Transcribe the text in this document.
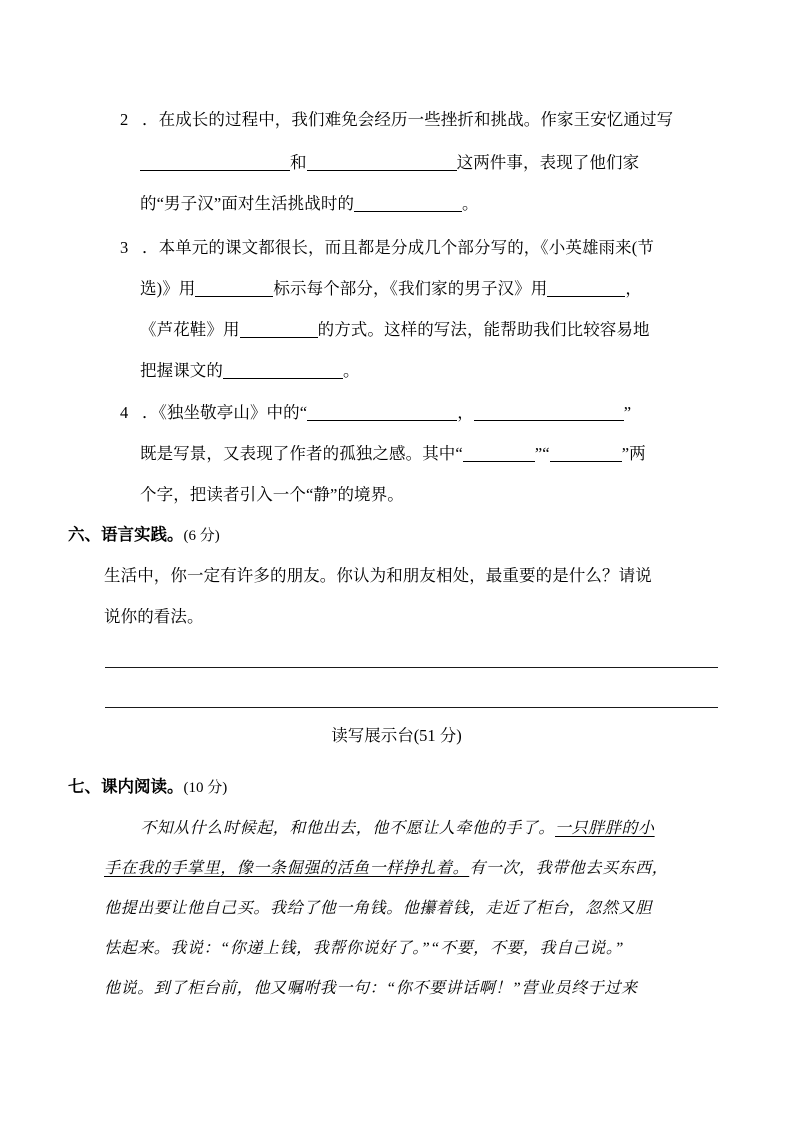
2 ．在成长的过程中，我们难免会经历一些挫折和挑战。作家王安忆通过写
和	这两件事，表现了他们家
的“男子汉”面对生活挑战时的	。
3 ．本单元的课文都很长，而且都是分成几个部分写的，《小英雄雨来(节
选)》用	标示每个部分，《我们家的男子汉》用	，
《芦花鞋》用	的方式。这样的写法，能帮助我们比较容易地
把握课文的	。
4 ．《独坐敬亭山》中的“	，	”
既是写景，又表现了作者的孤独之感。其中“	”“	”两
个字，把读者引入一个“静”的境界。
六、语言实践。(6 分)
生活中，你一定有许多的朋友。你认为和朋友相处，最重要的是什么？请说
说你的看法。
读写展示台(51 分)
七、课内阅读。(10 分)
不知从什么时候起，和他出去，他不愿让人牵他的手了。一只胖胖的小
手在我的手掌里，像一条倔强的活鱼一样挣扎着。有一次，我带他去买东西，
他提出要让他自己买。我给了他一角钱。他攥着钱，走近了柜台，忽然又胆
怯起来。我说：“你递上钱，我帮你说好了。”“不要，不要，我自己说。”
他说。到了柜台前，他又嘱咐我一句：“你不要讲话啊！”营业员终于过来
